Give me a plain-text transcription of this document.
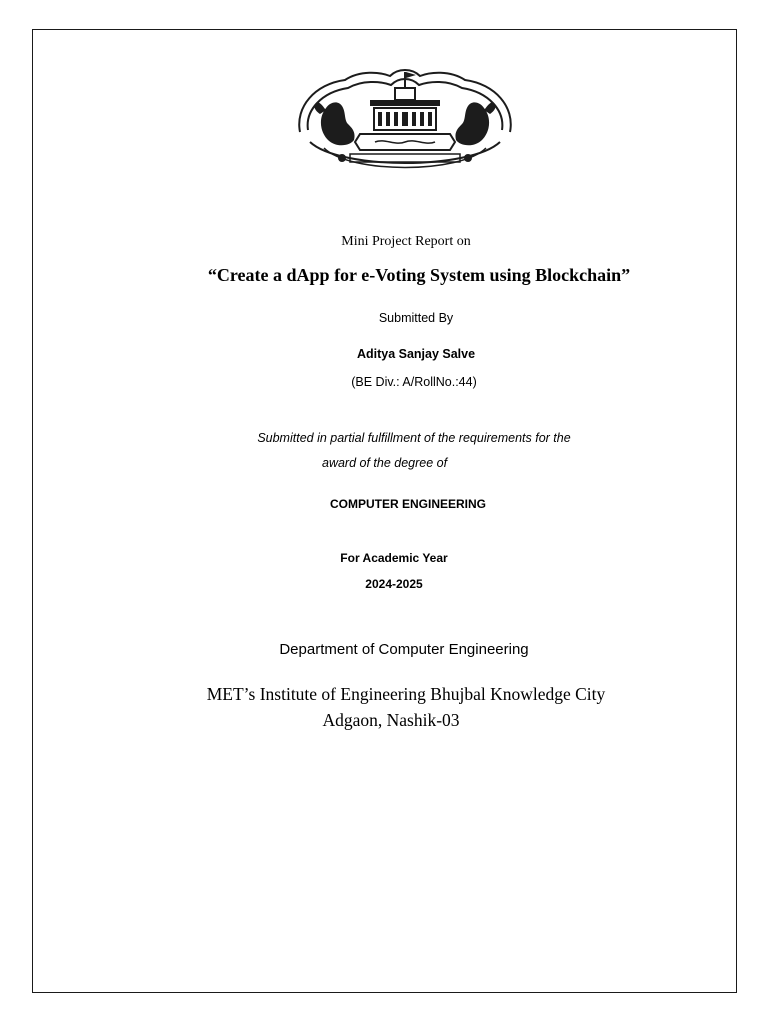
Mini Project Report on
“Create a dApp for e-Voting System using Blockchain”
Submitted By
Aditya Sanjay Salve
(BE Div.: A/RollNo.:44)
Submitted in partial fulfillment of the requirements for the
award of the degree of
COMPUTER ENGINEERING
For Academic Year
2024-2025
Department of Computer Engineering
MET’s Institute of Engineering Bhujbal Knowledge City
Adgaon, Nashik-03
